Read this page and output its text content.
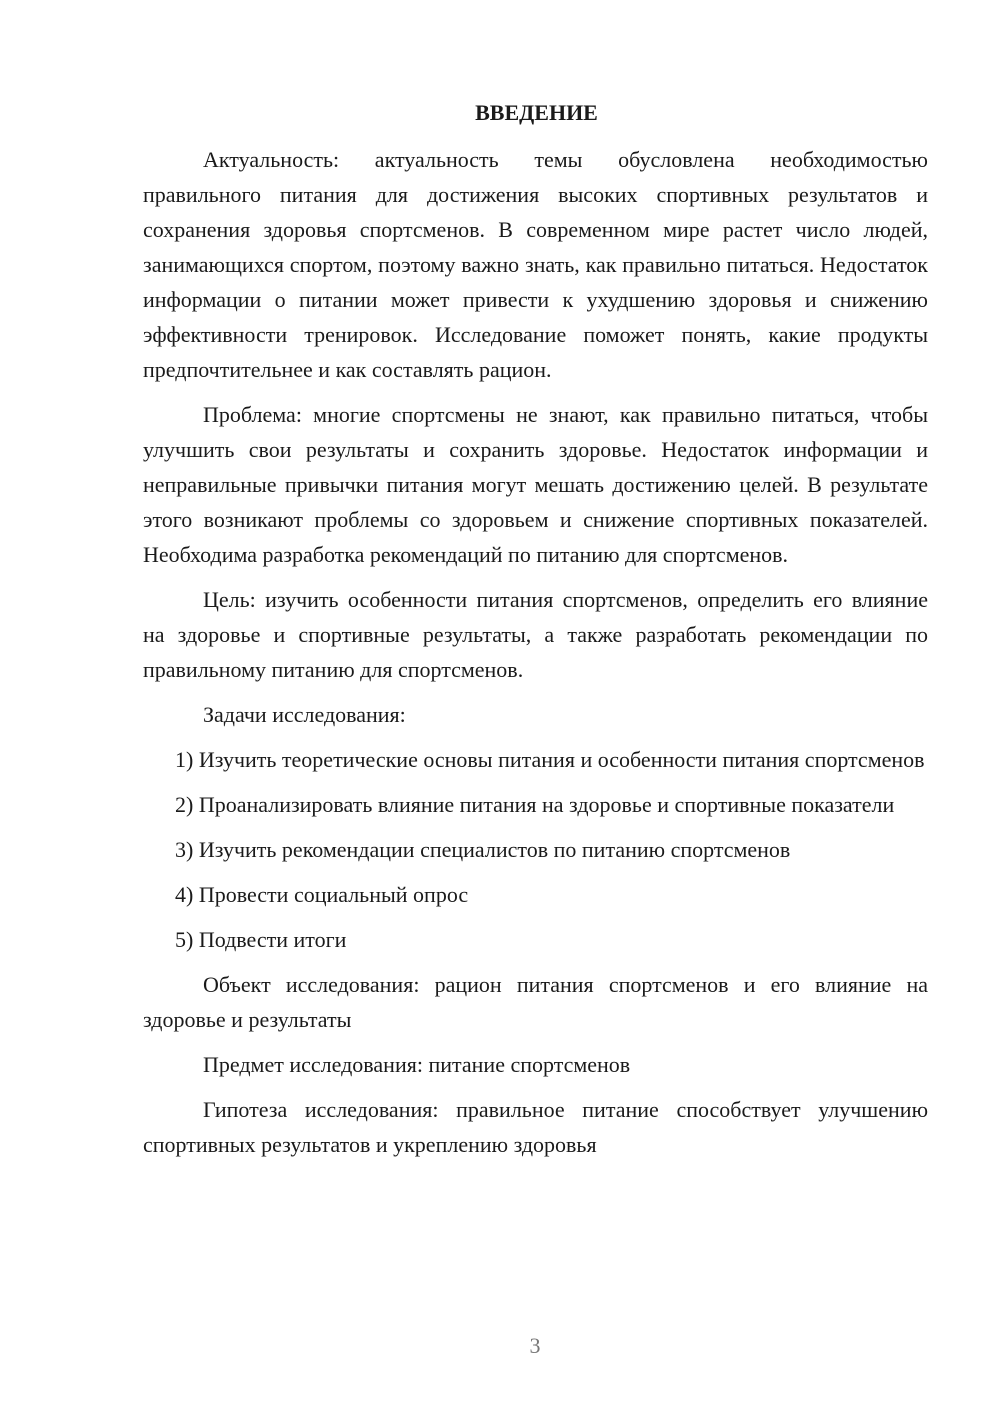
ВВЕДЕНИЕ

Актуальность: актуальность темы обусловлена необходимостью правильного питания для достижения высоких спортивных результатов и сохранения здоровья спортсменов. В современном мире растет число людей, занимающихся спортом, поэтому важно знать, как правильно питаться. Недостаток информации о питании может привести к ухудшению здоровья и снижению эффективности тренировок. Исследование поможет понять, какие продукты предпочтительнее и как составлять рацион.

Проблема: многие спортсмены не знают, как правильно питаться, чтобы улучшить свои результаты и сохранить здоровье. Недостаток информации и неправильные привычки питания могут мешать достижению целей. В результате этого возникают проблемы со здоровьем и снижение спортивных показателей. Необходима разработка рекомендаций по питанию для спортсменов.

Цель: изучить особенности питания спортсменов, определить его влияние на здоровье и спортивные результаты, а также разработать рекомендации по правильному питанию для спортсменов.

Задачи исследования:

1) Изучить теоретические основы питания и особенности питания спортсменов

2) Проанализировать влияние питания на здоровье и спортивные показатели

3) Изучить рекомендации специалистов по питанию спортсменов

4) Провести социальный опрос

5) Подвести итоги

Объект исследования: рацион питания спортсменов и его влияние на здоровье и результаты

Предмет исследования: питание спортсменов

Гипотеза исследования: правильное питание способствует улучшению спортивных результатов и укреплению здоровья

3
